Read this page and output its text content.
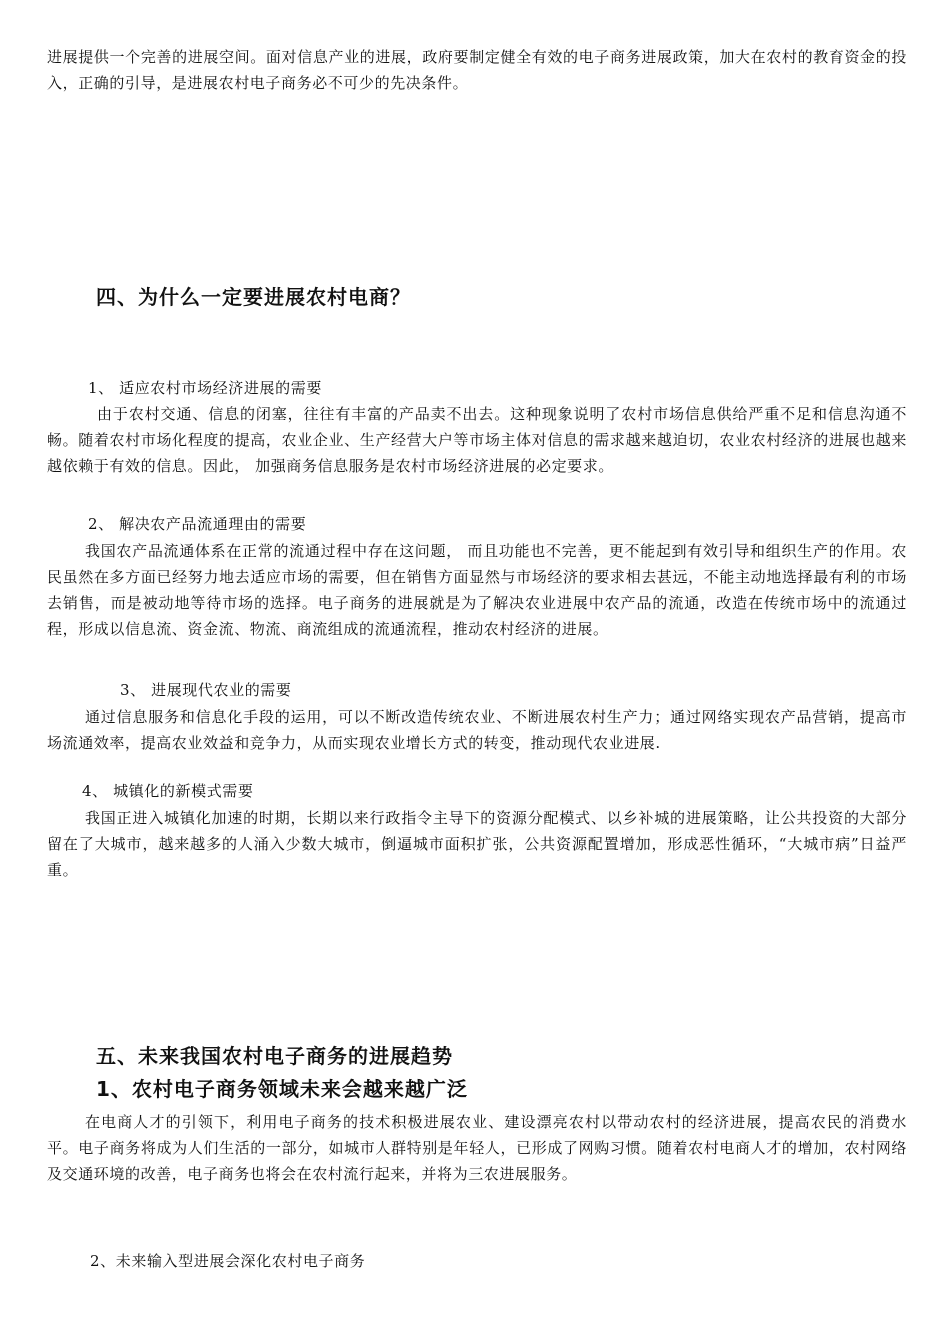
进展提供一个完善的进展空间。面对信息产业的进展，政府要制定健全有效的电子商务进展政策，加大在农村的教育资金的投入，正确的引导，是进展农村电子商务必不可少的先决条件。

四、为什么一定要进展农村电商？

1、 适应农村市场经济进展的需要

由于农村交通、信息的闭塞，往往有丰富的产品卖不出去。这种现象说明了农村市场信息供给严重不足和信息沟通不畅。随着农村市场化程度的提高，农业企业、生产经营大户等市场主体对信息的需求越来越迫切，农业农村经济的进展也越来越依赖于有效的信息。因此， 加强商务信息服务是农村市场经济进展的必定要求。

2、 解决农产品流通理由的需要

我国农产品流通体系在正常的流通过程中存在这问题， 而且功能也不完善，更不能起到有效引导和组织生产的作用。农民虽然在多方面已经努力地去适应市场的需要，但在销售方面显然与市场经济的要求相去甚远，不能主动地选择最有利的市场去销售，而是被动地等待市场的选择。电子商务的进展就是为了解决农业进展中农产品的流通，改造在传统市场中的流通过程，形成以信息流、资金流、物流、商流组成的流通流程，推动农村经济的进展。

3、 进展现代农业的需要

通过信息服务和信息化手段的运用，可以不断改造传统农业、不断进展农村生产力；通过网络实现农产品营销，提高市场流通效率，提高农业效益和竞争力，从而实现农业增长方式的转变，推动现代农业进展.

4、 城镇化的新模式需要

我国正进入城镇化加速的时期，长期以来行政指令主导下的资源分配模式、以乡补城的进展策略，让公共投资的大部分留在了大城市，越来越多的人涌入少数大城市，倒逼城市面积扩张，公共资源配置增加，形成恶性循环，“大城市病”日益严重。

五、未来我国农村电子商务的进展趋势
1、农村电子商务领域未来会越来越广泛

在电商人才的引领下，利用电子商务的技术积极进展农业、建设漂亮农村以带动农村的经济进展，提高农民的消费水平。电子商务将成为人们生活的一部分，如城市人群特别是年轻人，已形成了网购习惯。随着农村电商人才的增加，农村网络及交通环境的改善，电子商务也将会在农村流行起来，并将为三农进展服务。

2、未来输入型进展会深化农村电子商务
